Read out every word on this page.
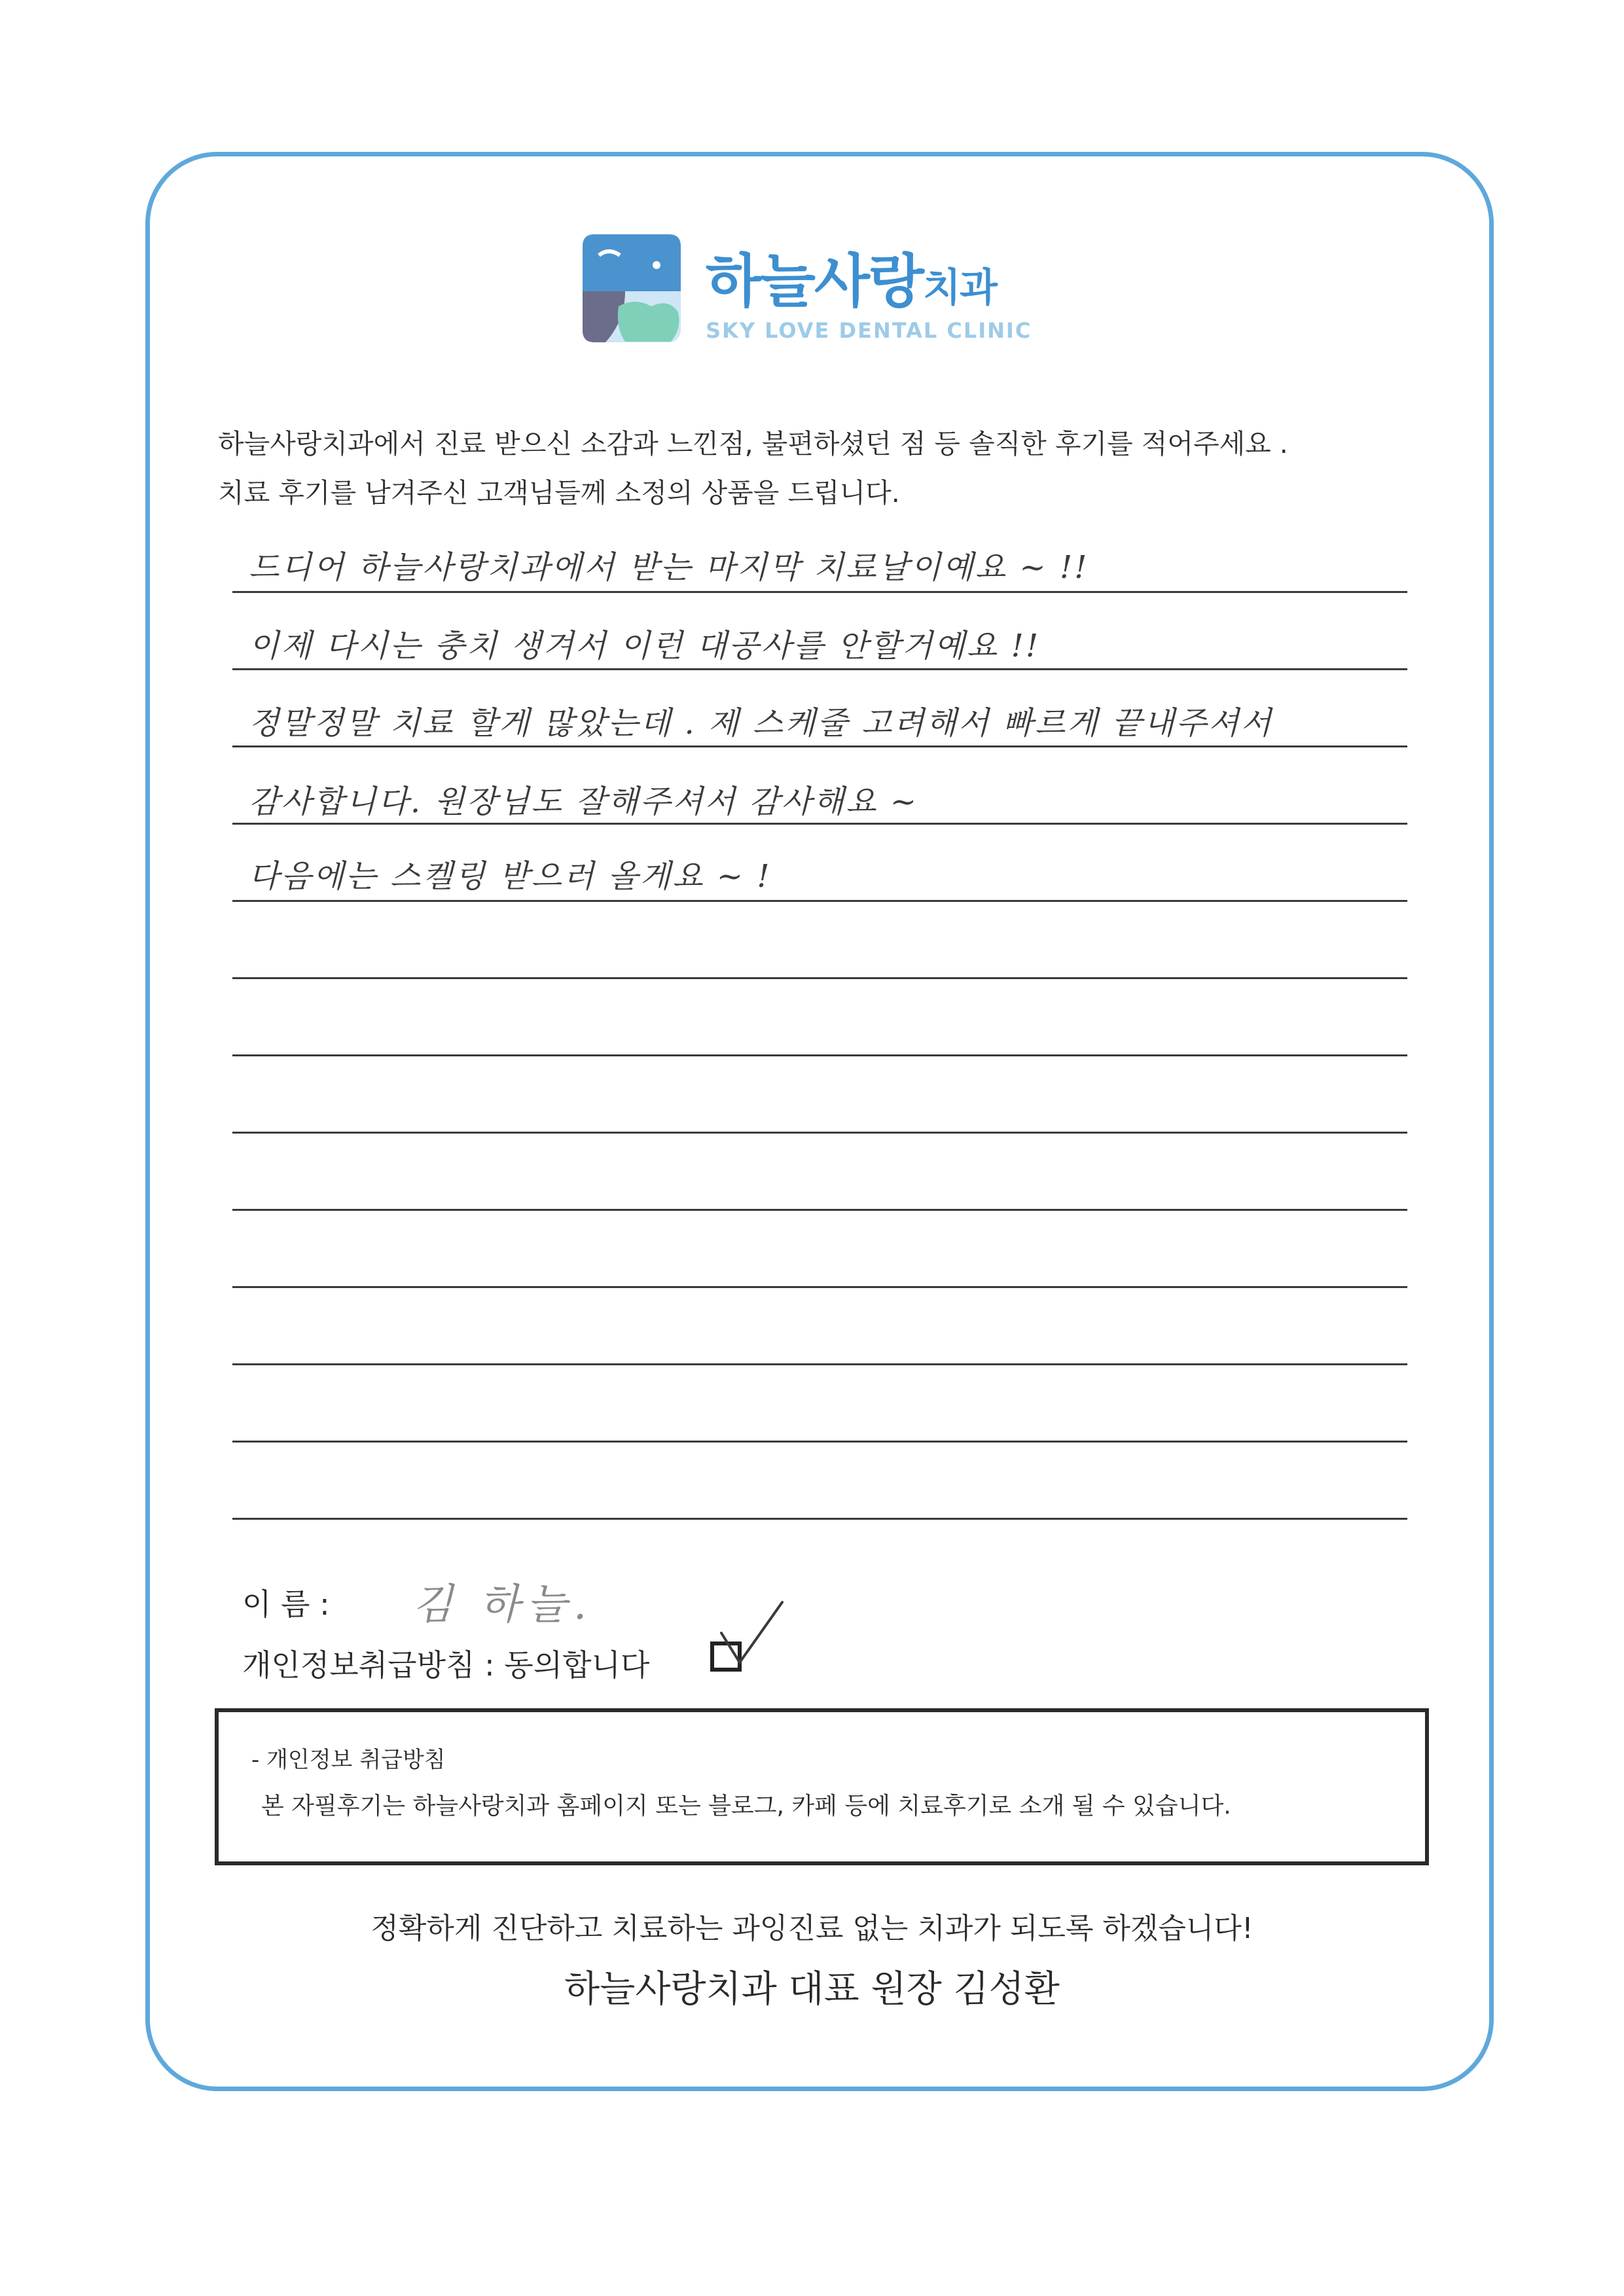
하늘사랑치과
SKY LOVE DENTAL CLINIC
하늘사랑치과에서 진료 받으신 소감과 느낀점, 불편하셨던 점 등 솔직한 후기를 적어주세요 .
치료 후기를 남겨주신 고객님들께 소정의 상품을 드립니다.
드디어 하늘사랑치과에서 받는 마지막 치료날이예요 ~ !!
이제 다시는 충치 생겨서 이런 대공사를 안할거예요 !!
정말정말 치료 할게 많았는데 . 제 스케줄 고려해서 빠르게 끝내주셔서
감사합니다. 원장님도 잘해주셔서 감사해요 ~
다음에는 스켈링 받으러 올게요 ~ !
이 름 : 김 하늘.
개인정보취급방침 : 동의합니다
- 개인정보 취급방침
본 자필후기는 하늘사랑치과 홈페이지 또는 블로그, 카페 등에 치료후기로 소개 될 수 있습니다.
정확하게 진단하고 치료하는 과잉진료 없는 치과가 되도록 하겠습니다!
하늘사랑치과 대표 원장 김성환
